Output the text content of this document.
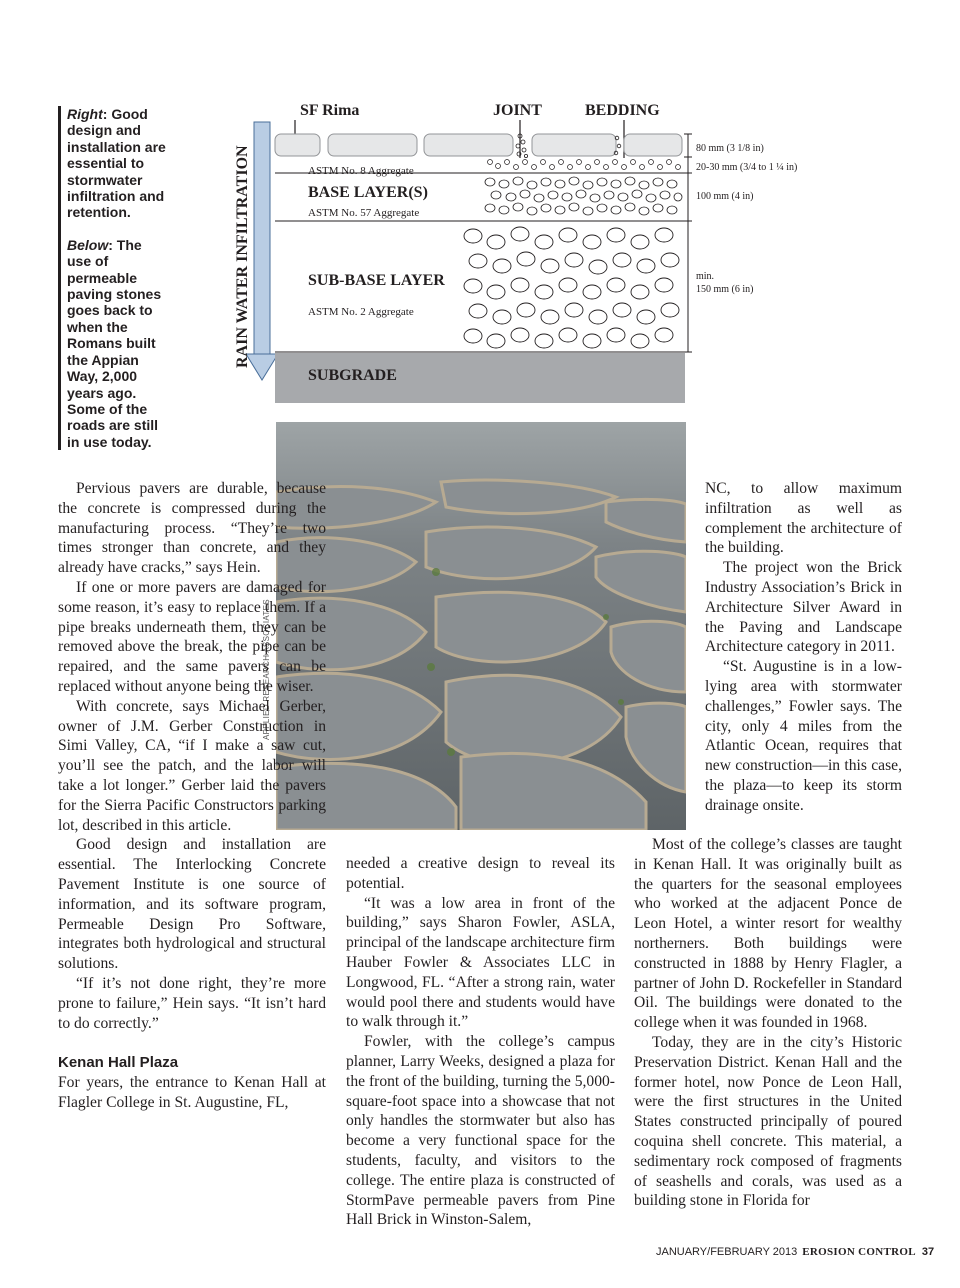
Right: Good design and installation are essential to stormwater infiltration and retention.
Below: The use of permeable paving stones goes back to when the Romans built the Appian Way, 2,000 years ago. Some of the roads are still in use today.
RAIN WATER INFILTRATION
SF Rima	JOINT	BEDDING
ASTM No. 8 Aggregate
BASE LAYER(S)
ASTM No. 57 Aggregate
SUB-BASE LAYER
ASTM No. 2 Aggregate
SUBGRADE
80 mm (3 1/8 in)
20-30 mm (3/4 to 1 ¼ in)
100 mm (4 in)
min.
150 mm (6 in)
APPLIED RESEARCH ASSOCIATES

Pervious pavers are durable, because the concrete is compressed during the manufacturing process. “They’re two times stronger than concrete, and they already have cracks,” says Hein.

If one or more pavers are damaged for some reason, it’s easy to replace them. If a pipe breaks underneath them, they can be removed above the break, the pipe can be repaired, and the same pavers can be replaced without anyone being the wiser.

With concrete, says Michael Gerber, owner of J.M. Gerber Construction in Simi Valley, CA, “if I make a saw cut, you’ll see the patch, and the labor will take a lot longer.” Gerber laid the pavers for the Sierra Pacific Constructors parking lot, described in this article.

Good design and installation are essential. The Interlocking Concrete Pavement Institute is one source of information, and its software program, Permeable Design Pro Software, integrates both hydrological and structural solutions.

“If it’s not done right, they’re more prone to failure,” Hein says. “It isn’t hard to do correctly.”

Kenan Hall Plaza

For years, the entrance to Kenan Hall at Flagler College in St. Augustine, FL,

needed a creative design to reveal its potential.

“It was a low area in front of the building,” says Sharon Fowler, ASLA, principal of the landscape architecture firm Hauber Fowler & Associates LLC in Longwood, FL. “After a strong rain, water would pool there and students would have to walk through it.”

Fowler, with the college’s campus planner, Larry Weeks, designed a plaza for the front of the building, turning the 5,000-square-foot space into a showcase that not only handles the stormwater but also has become a very functional space for the students, faculty, and visitors to the college. The entire plaza is constructed of StormPave permeable pavers from Pine Hall Brick in Winston-Salem,

NC, to allow maximum infiltration as well as complement the architecture of the building.

The project won the Brick Industry Association’s Brick in Architecture Silver Award in the Paving and Landscape Architecture category in 2011.

“St. Augustine is in a low-lying area with stormwater challenges,” Fowler says. The city, only 4 miles from the Atlantic Ocean, requires that new construction—in this case, the plaza—to keep its storm drainage onsite.

Most of the college’s classes are taught in Kenan Hall. It was originally built as the quarters for the seasonal employees who worked at the adjacent Ponce de Leon Hotel, a winter resort for wealthy northerners. Both buildings were constructed in 1888 by Henry Flagler, a partner of John D. Rockefeller in Standard Oil. The buildings were donated to the college when it was founded in 1968.

Today, they are in the city’s Historic Preservation District. Kenan Hall and the former hotel, now Ponce de Leon Hall, were the first structures in the United States constructed principally of poured coquina shell concrete. This material, a sedimentary rock composed of fragments of seashells and corals, was used as a building stone in Florida for

JANUARY/FEBRUARY 2013 EROSION CONTROL 37
